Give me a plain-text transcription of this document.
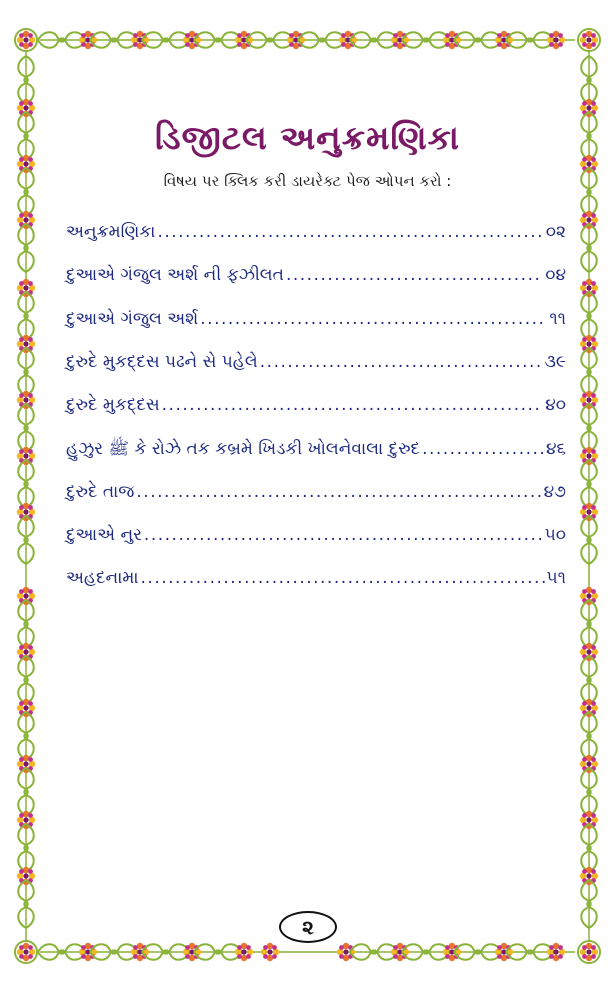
ડિજીટલ અનુક્રમણિકા
વિષય પર ક્લિક કરી ડાયરેક્ટ પેજ ઓપન કરો :
અનુક્રમણિકા .....	૦૨
દુઆએ ગંજુલ અર્શ ની ફઝીલત .....	૦૪
દુઆએ ગંજુલ અર્શ .....	૧૧
દુરુદે મુકદ્દસ પઢને સે પહેલે .....	૩૯
દુરુદે મુકદ્દસ .....	૪૦
હુઝુર ﷺ કે રોઝે તક કબ્રમે ખિડકી ખોલનેવાલા દુરુદ .....	૪૬
દુરુદે તાજ .....	૪૭
દુઆએ નુર .....	૫૦
અહદનામા .....	૫૧
૨
